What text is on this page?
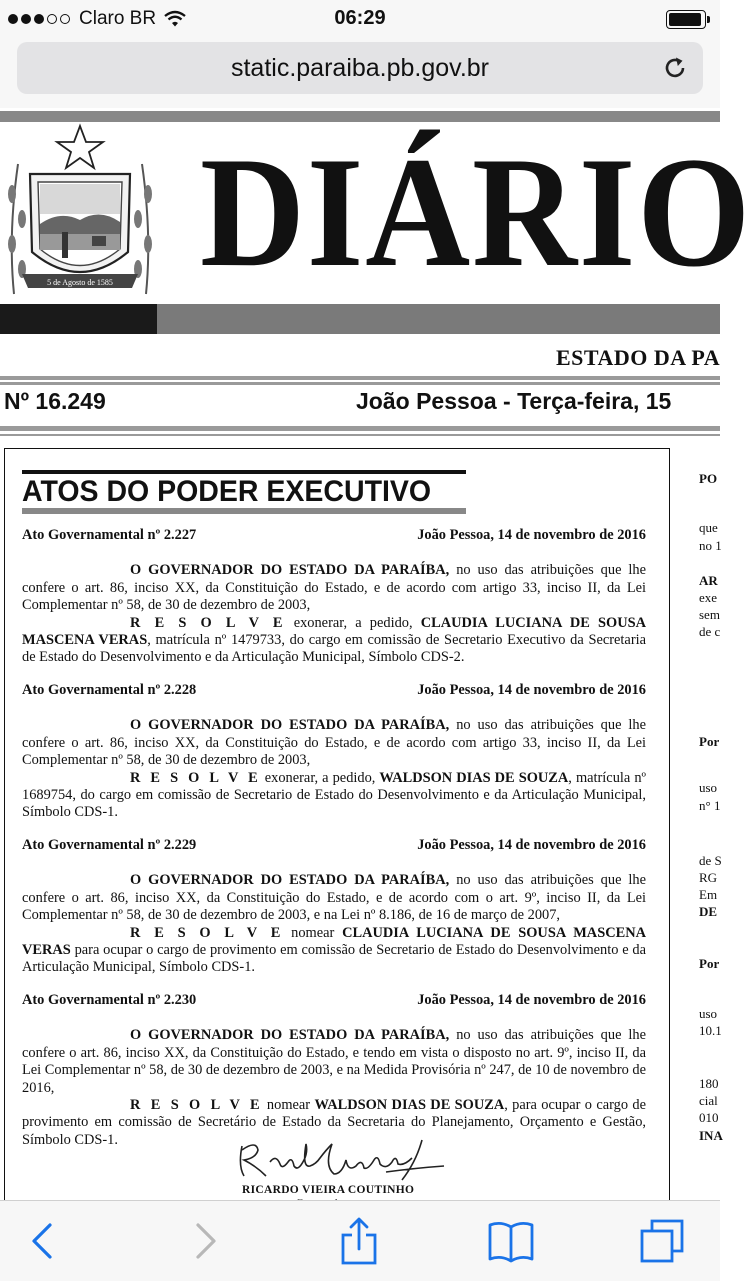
Claro BR	06:29
static.paraiba.pb.gov.br
5 de Agosto de 1585 DIÁRIO
ESTADO DA PA
Nº 16.249	João Pessoa - Terça-feira, 15
ATOS DO PODER EXECUTIVO
Ato Governamental nº 2.227	João Pessoa, 14 de novembro de 2016

O GOVERNADOR DO ESTADO DA PARAÍBA, no uso das atribuições que lhe confere o art. 86, inciso XX, da Constituição do Estado, e de acordo com artigo 33, inciso II, da Lei Complementar nº 58, de 30 de dezembro de 2003,

R E S O L V E exonerar, a pedido, CLAUDIA LUCIANA DE SOUSA MASCENA VERAS, matrícula nº 1479733, do cargo em comissão de Secretario Executivo da Secretaria de Estado do Desenvolvimento e da Articulação Municipal, Símbolo CDS-2.

Ato Governamental nº 2.228	João Pessoa, 14 de novembro de 2016

O GOVERNADOR DO ESTADO DA PARAÍBA, no uso das atribuições que lhe confere o art. 86, inciso XX, da Constituição do Estado, e de acordo com artigo 33, inciso II, da Lei Complementar nº 58, de 30 de dezembro de 2003,

R E S O L V E exonerar, a pedido, WALDSON DIAS DE SOUZA, matrícula nº 1689754, do cargo em comissão de Secretario de Estado do Desenvolvimento e da Articulação Municipal, Símbolo CDS-1.

Ato Governamental nº 2.229	João Pessoa, 14 de novembro de 2016

O GOVERNADOR DO ESTADO DA PARAÍBA, no uso das atribuições que lhe confere o art. 86, inciso XX, da Constituição do Estado, e de acordo com o art. 9º, inciso II, da Lei Complementar nº 58, de 30 de dezembro de 2003, e na Lei nº 8.186, de 16 de março de 2007,

R E S O L V E nomear CLAUDIA LUCIANA DE SOUSA MASCENA VERAS para ocupar o cargo de provimento em comissão de Secretario de Estado do Desenvolvimento e da Articulação Municipal, Símbolo CDS-1.

Ato Governamental nº 2.230	João Pessoa, 14 de novembro de 2016

O GOVERNADOR DO ESTADO DA PARAÍBA, no uso das atribuições que lhe confere o art. 86, inciso XX, da Constituição do Estado, e tendo em vista o disposto no art. 9º, inciso II, da Lei Complementar nº 58, de 30 de dezembro de 2003, e na Medida Provisória nº 247, de 10 de novembro de 2016,

R E S O L V E nomear WALDSON DIAS DE SOUZA, para ocupar o cargo de provimento em comissão de Secretário de Estado da Secretaria do Planejamento, Orçamento e Gestão, Símbolo CDS-1.

RICARDO VIEIRA COUTINHO
PO
que
no 1
AR
exe
sem
de c
Por
uso
n° 1
de S
RG
Em
DE
Por
uso
10.1
180
cial
010
INA
